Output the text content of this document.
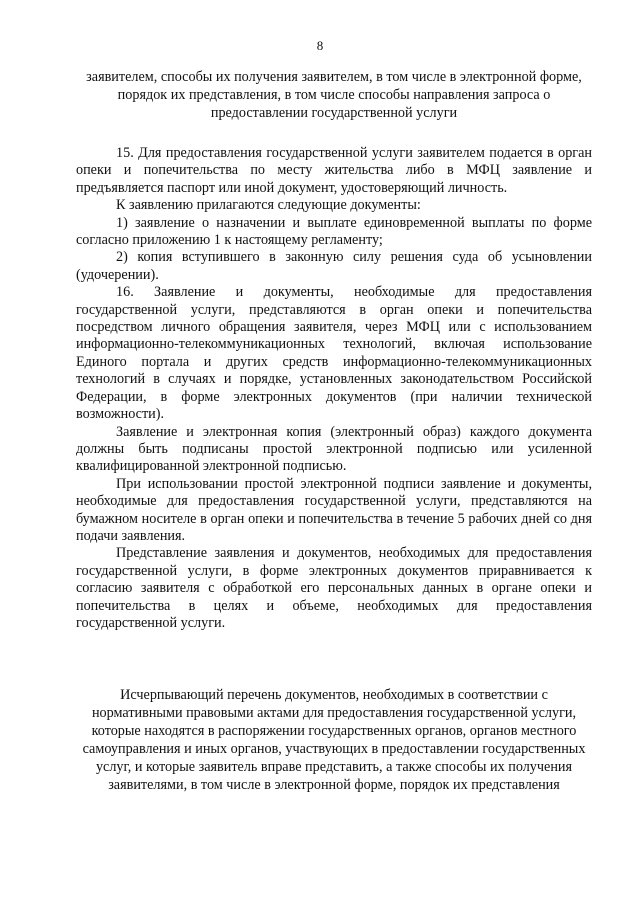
8
заявителем, способы их получения заявителем, в том числе в электронной форме, порядок их представления, в том числе способы направления запроса о предоставлении государственной услуги

15. Для предоставления государственной услуги заявителем подается в орган опеки и попечительства по месту жительства либо в МФЦ заявление и предъявляется паспорт или иной документ, удостоверяющий личность.

К заявлению прилагаются следующие документы:

1) заявление о назначении и выплате единовременной выплаты по форме согласно приложению 1 к настоящему регламенту;

2) копия вступившего в законную силу решения суда об усыновлении (удочерении).

16. Заявление и документы, необходимые для предоставления государственной услуги, представляются в орган опеки и попечительства посредством личного обращения заявителя, через МФЦ или с использованием информационно-телекоммуникационных технологий, включая использование Единого портала и других средств информационно-телекоммуникационных технологий в случаях и порядке, установленных законодательством Российской Федерации, в форме электронных документов (при наличии технической возможности).

Заявление и электронная копия (электронный образ) каждого документа должны быть подписаны простой электронной подписью или усиленной квалифицированной электронной подписью.

При использовании простой электронной подписи заявление и документы, необходимые для предоставления государственной услуги, представляются на бумажном носителе в орган опеки и попечительства в течение 5 рабочих дней со дня подачи заявления.

Представление заявления и документов, необходимых для предоставления государственной услуги, в форме электронных документов приравнивается к согласию заявителя с обработкой его персональных данных в органе опеки и попечительства в целях и объеме, необходимых для предоставления государственной услуги.

Исчерпывающий перечень документов, необходимых в соответствии с нормативными правовыми актами для предоставления государственной услуги, которые находятся в распоряжении государственных органов, органов местного самоуправления и иных органов, участвующих в предоставлении государственных услуг, и которые заявитель вправе представить, а также способы их получения заявителями, в том числе в электронной форме, порядок их представления
